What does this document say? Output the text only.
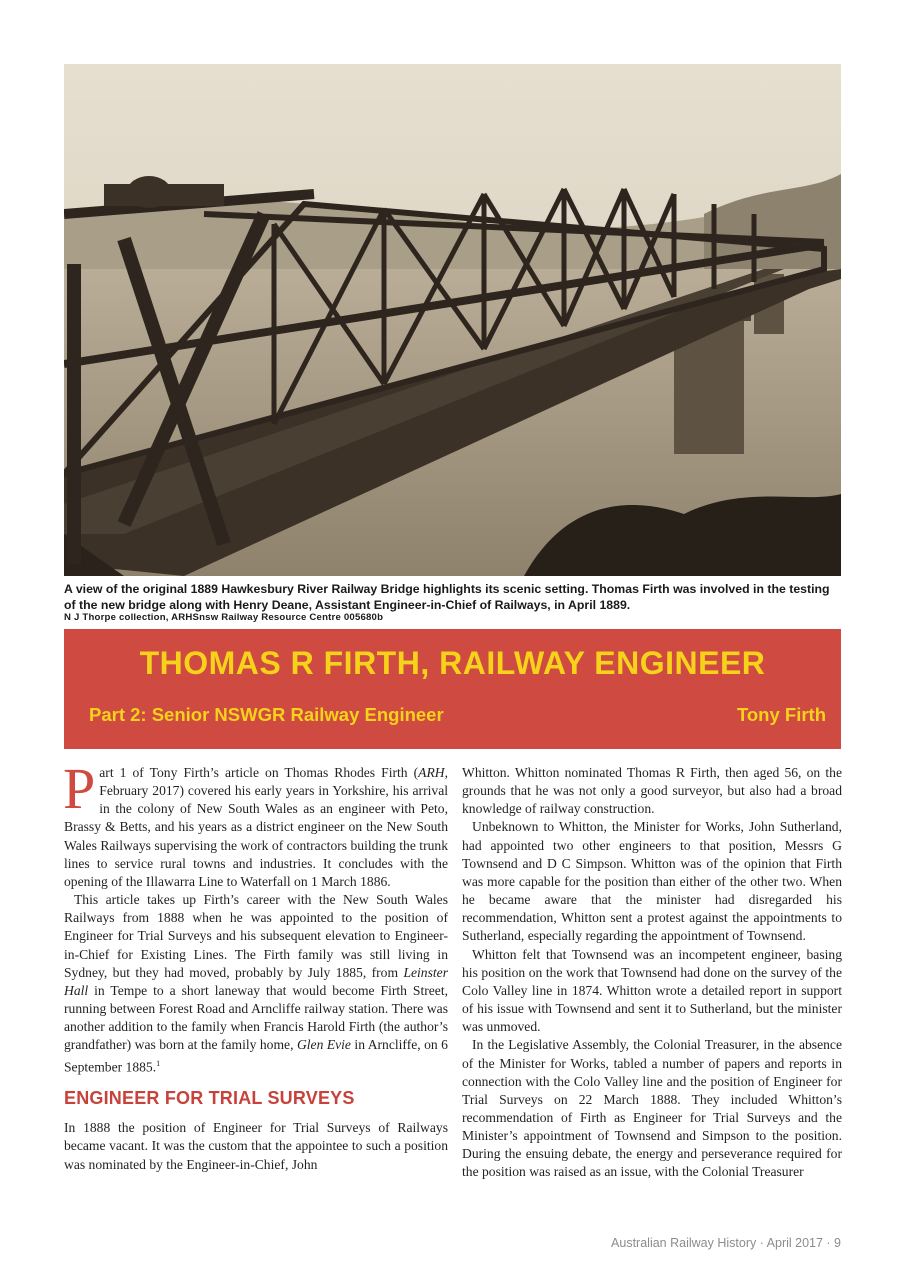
A view of the original 1889 Hawkesbury River Railway Bridge highlights its scenic setting. Thomas Firth was involved in the testing of the new bridge along with Henry Deane, Assistant Engineer-in-Chief of Railways, in April 1889.
N J Thorpe collection, ARHSnsw Railway Resource Centre 005680b
THOMAS R FIRTH, RAILWAY ENGINEER
Part 2: Senior NSWGR Railway Engineer	Tony Firth

Part 1 of Tony Firth’s article on Thomas Rhodes Firth (ARH, February 2017) covered his early years in Yorkshire, his arrival in the colony of New South Wales as an engineer with Peto, Brassy & Betts, and his years as a district engineer on the New South Wales Railways supervising the work of contractors building the trunk lines to service rural towns and industries. It concludes with the opening of the Illawarra Line to Waterfall on 1 March 1886.

This article takes up Firth’s career with the New South Wales Railways from 1888 when he was appointed to the position of Engineer for Trial Surveys and his subsequent elevation to Engineer-in-Chief for Existing Lines. The Firth family was still living in Sydney, but they had moved, probably by July 1885, from Leinster Hall in Tempe to a short laneway that would become Firth Street, running between Forest Road and Arncliffe railway station. There was another addition to the family when Francis Harold Firth (the author’s grandfather) was born at the family home, Glen Evie in Arncliffe, on 6 September 1885.$^1$

ENGINEER FOR TRIAL SURVEYS

In 1888 the position of Engineer for Trial Surveys of Railways became vacant. It was the custom that the appointee to such a position was nominated by the Engineer-in-Chief, John

Whitton. Whitton nominated Thomas R Firth, then aged 56, on the grounds that he was not only a good surveyor, but also had a broad knowledge of railway construction.

Unbeknown to Whitton, the Minister for Works, John Sutherland, had appointed two other engineers to that position, Messrs G Townsend and D C Simpson. Whitton was of the opinion that Firth was more capable for the position than either of the other two. When he became aware that the minister had disregarded his recommendation, Whitton sent a protest against the appointments to Sutherland, especially regarding the appointment of Townsend.

Whitton felt that Townsend was an incompetent engineer, basing his position on the work that Townsend had done on the survey of the Colo Valley line in 1874. Whitton wrote a detailed report in support of his issue with Townsend and sent it to Sutherland, but the minister was unmoved.

In the Legislative Assembly, the Colonial Treasurer, in the absence of the Minister for Works, tabled a number of papers and reports in connection with the Colo Valley line and the position of Engineer for Trial Surveys on 22 March 1888. They included Whitton’s recommendation of Firth as Engineer for Trial Surveys and the Minister’s appointment of Townsend and Simpson to the position. During the ensuing debate, the energy and perseverance required for the position was raised as an issue, with the Colonial Treasurer

Australian Railway History · April 2017 · 9
